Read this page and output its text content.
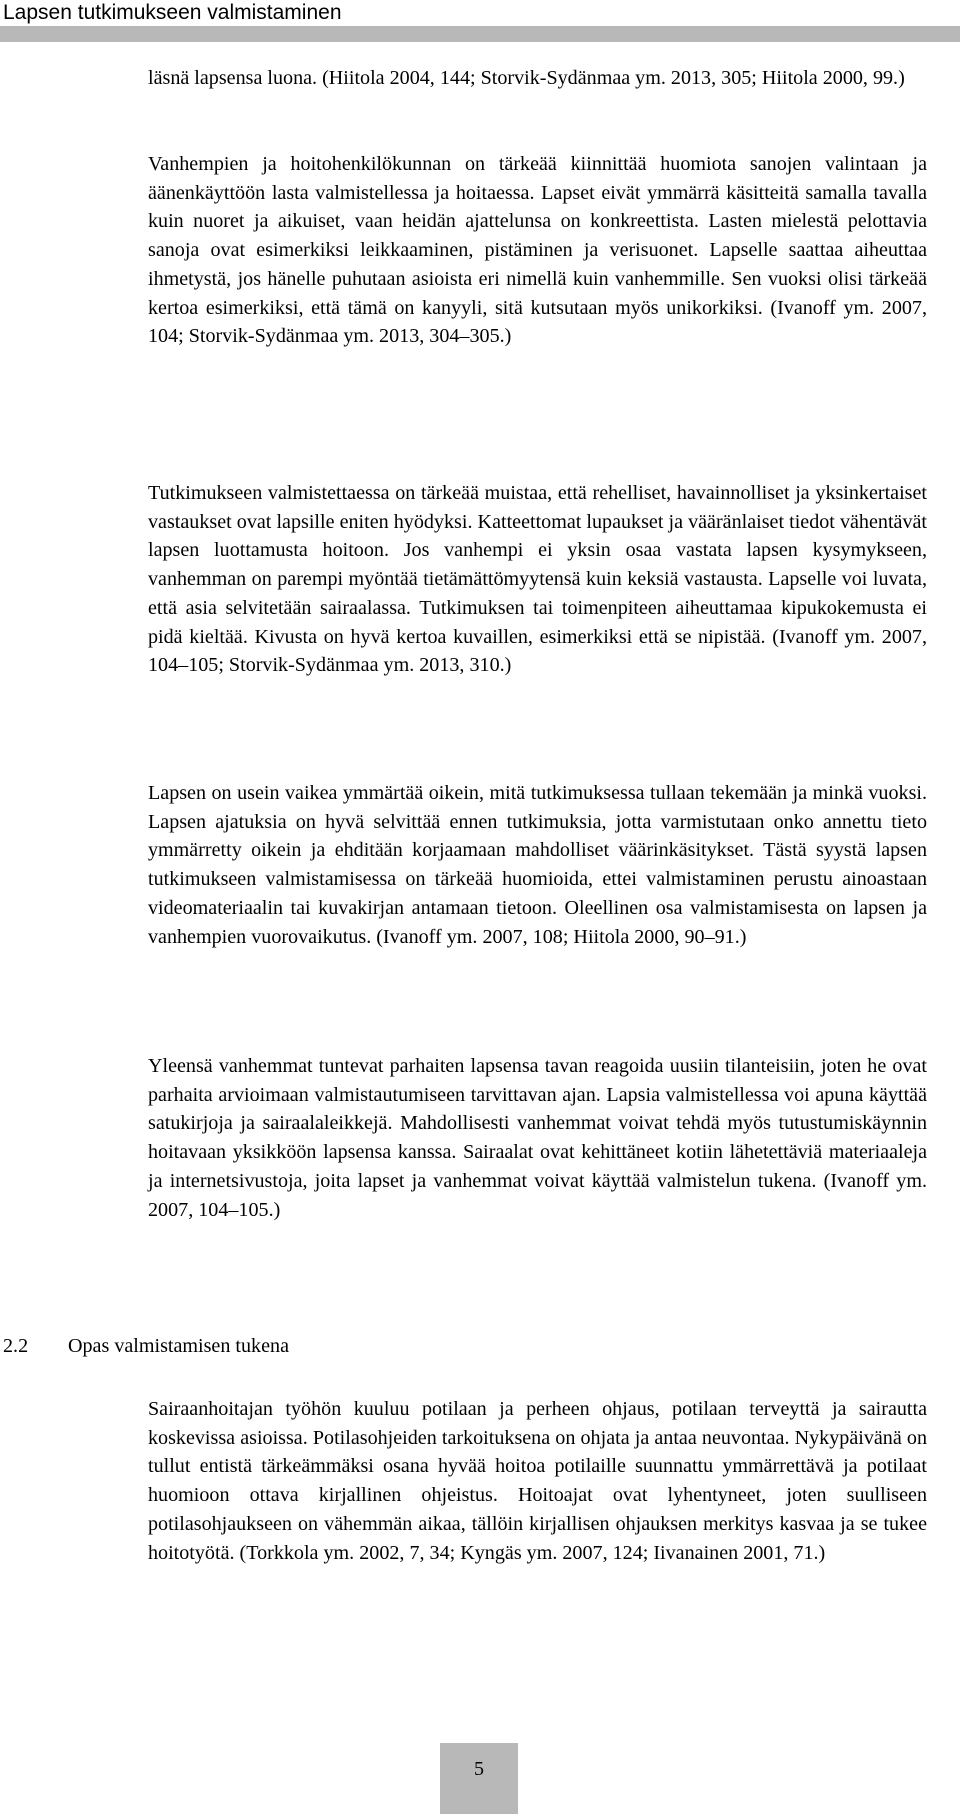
Lapsen tutkimukseen valmistaminen

läsnä lapsensa luona. (Hiitola 2004, 144; Storvik-Sydänmaa ym. 2013, 305; Hiitola 2000, 99.)

Vanhempien ja hoitohenkilökunnan on tärkeää kiinnittää huomiota sanojen valintaan ja äänenkäyttöön lasta valmistellessa ja hoitaessa. Lapset eivät ymmärrä käsitteitä samalla tavalla kuin nuoret ja aikuiset, vaan heidän ajattelunsa on konkreettista. Lasten mielestä pelottavia sanoja ovat esimerkiksi leikkaaminen, pistäminen ja verisuonet. Lapselle saattaa aiheuttaa ihmetystä, jos hänelle puhutaan asioista eri nimellä kuin vanhemmille. Sen vuoksi olisi tärkeää kertoa esimerkiksi, että tämä on kanyyli, sitä kutsutaan myös unikorkiksi. (Ivanoff ym. 2007, 104; Storvik-Sydänmaa ym. 2013, 304–305.)

Tutkimukseen valmistettaessa on tärkeää muistaa, että rehelliset, havainnolliset ja yksinkertaiset vastaukset ovat lapsille eniten hyödyksi. Katteettomat lupaukset ja vääränlaiset tiedot vähentävät lapsen luottamusta hoitoon. Jos vanhempi ei yksin osaa vastata lapsen kysymykseen, vanhemman on parempi myöntää tietämättömyytensä kuin keksiä vastausta. Lapselle voi luvata, että asia selvitetään sairaalassa. Tutkimuksen tai toimenpiteen aiheuttamaa kipukokemusta ei pidä kieltää. Kivusta on hyvä kertoa kuvaillen, esimerkiksi että se nipistää. (Ivanoff ym. 2007, 104–105; Storvik-Sydänmaa ym. 2013, 310.)

Lapsen on usein vaikea ymmärtää oikein, mitä tutkimuksessa tullaan tekemään ja minkä vuoksi. Lapsen ajatuksia on hyvä selvittää ennen tutkimuksia, jotta varmistutaan onko annettu tieto ymmärretty oikein ja ehditään korjaamaan mahdolliset väärinkäsitykset. Tästä syystä lapsen tutkimukseen valmistamisessa on tärkeää huomioida, ettei valmistaminen perustu ainoastaan videomateriaalin tai kuvakirjan antamaan tietoon. Oleellinen osa valmistamisesta on lapsen ja vanhempien vuorovaikutus. (Ivanoff ym. 2007, 108; Hiitola 2000, 90–91.)

Yleensä vanhemmat tuntevat parhaiten lapsensa tavan reagoida uusiin tilanteisiin, joten he ovat parhaita arvioimaan valmistautumiseen tarvittavan ajan. Lapsia valmistellessa voi apuna käyttää satukirjoja ja sairaalaleikkejä. Mahdollisesti vanhemmat voivat tehdä myös tutustumiskäynnin hoitavaan yksikköön lapsensa kanssa. Sairaalat ovat kehittäneet kotiin lähetettäviä materiaaleja ja internetsivustoja, joita lapset ja vanhemmat voivat käyttää valmistelun tukena. (Ivanoff ym. 2007, 104–105.)

2.2 Opas valmistamisen tukena

Sairaanhoitajan työhön kuuluu potilaan ja perheen ohjaus, potilaan terveyttä ja sairautta koskevissa asioissa. Potilasohjeiden tarkoituksena on ohjata ja antaa neuvontaa. Nykypäivänä on tullut entistä tärkeämmäksi osana hyvää hoitoa potilaille suunnattu ymmärrettävä ja potilaat huomioon ottava kirjallinen ohjeistus. Hoitoajat ovat lyhentyneet, joten suulliseen potilasohjaukseen on vähemmän aikaa, tällöin kirjallisen ohjauksen merkitys kasvaa ja se tukee hoitotyötä. (Torkkola ym. 2002, 7, 34; Kyngäs ym. 2007, 124; Iivanainen 2001, 71.)

5
